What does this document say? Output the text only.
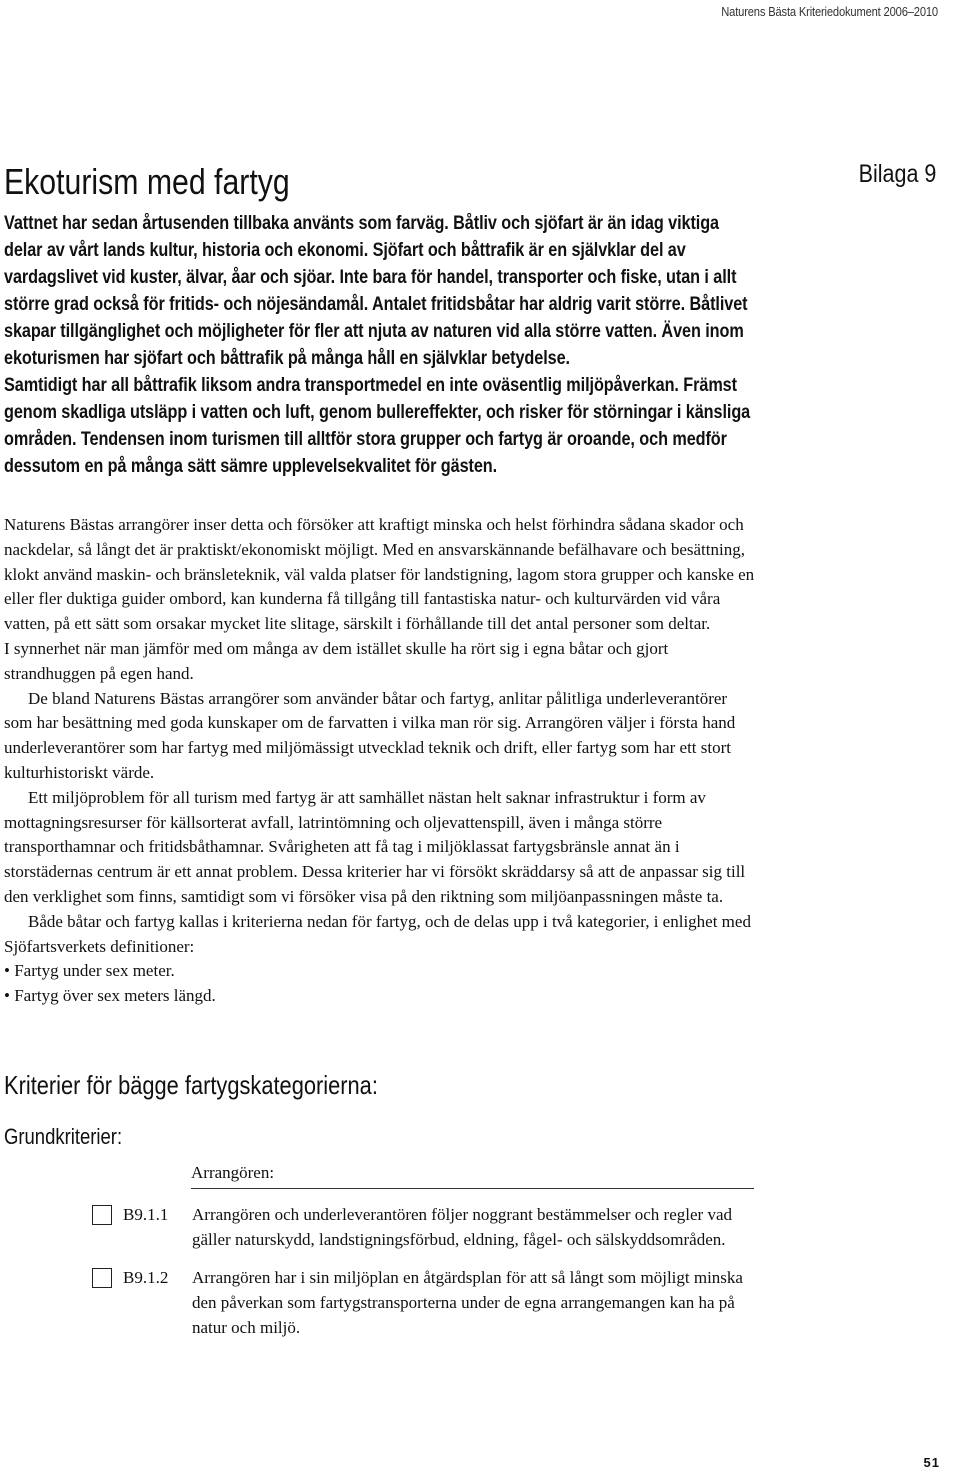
Naturens Bästa Kriteriedokument 2006–2010
Bilaga 9
Ekoturism med fartyg

Vattnet har sedan årtusenden tillbaka använts som farväg. Båtliv och sjöfart är än idag viktiga delar av vårt lands kultur, historia och ekonomi. Sjöfart och båttrafik är en självklar del av vardagslivet vid kuster, älvar, åar och sjöar. Inte bara för handel, transporter och fiske, utan i allt större grad också för fritids- och nöjesändamål. Antalet fritidsbåtar har aldrig varit större. Båtlivet skapar tillgänglighet och möjligheter för fler att njuta av naturen vid alla större vatten. Även inom ekoturismen har sjöfart och båttrafik på många håll en självklar betydelse.

Samtidigt har all båttrafik liksom andra transportmedel en inte oväsentlig miljöpåverkan. Främst genom skadliga utsläpp i vatten och luft, genom bullereffekter, och risker för störningar i känsliga områden. Tendensen inom turismen till alltför stora grupper och fartyg är oroande, och medför dessutom en på många sätt sämre upplevelsekvalitet för gästen.

Naturens Bästas arrangörer inser detta och försöker att kraftigt minska och helst förhindra sådana skador och nackdelar, så långt det är praktiskt/ekonomiskt möjligt. Med en ansvarskännande befälhavare och besättning, klokt använd maskin- och bränsleteknik, väl valda platser för landstigning, lagom stora grupper och kanske en eller fler duktiga guider ombord, kan kunderna få tillgång till fantastiska natur- och kulturvärden vid våra vatten, på ett sätt som orsakar mycket lite slitage, särskilt i förhållande till det antal personer som deltar.

I synnerhet när man jämför med om många av dem istället skulle ha rört sig i egna båtar och gjort strandhuggen på egen hand.

De bland Naturens Bästas arrangörer som använder båtar och fartyg, anlitar pålitliga underleverantörer som har besättning med goda kunskaper om de farvatten i vilka man rör sig. Arrangören väljer i första hand underleverantörer som har fartyg med miljömässigt utvecklad teknik och drift, eller fartyg som har ett stort kulturhistoriskt värde.

Ett miljöproblem för all turism med fartyg är att samhället nästan helt saknar infrastruktur i form av mottagningsresurser för källsorterat avfall, latrintömning och oljevattenspill, även i många större transporthamnar och fritidsbåthamnar. Svårigheten att få tag i miljöklassat fartygsbränsle annat än i storstädernas centrum är ett annat problem. Dessa kriterier har vi försökt skräddarsy så att de anpassar sig till den verklighet som finns, samtidigt som vi försöker visa på den riktning som miljöanpassningen måste ta.

Både båtar och fartyg kallas i kriterierna nedan för fartyg, och de delas upp i två kategorier, i enlighet med Sjöfartsverkets definitioner:

• Fartyg under sex meter.

• Fartyg över sex meters längd.

Kriterier för bägge fartygskategorierna:
Grundkriterier:
Arrangören:
B9.1.1	Arrangören och underleverantören följer noggrant bestämmelser och regler vad gäller naturskydd, landstigningsförbud, eldning, fågel- och sälskyddsområden.
B9.1.2	Arrangören har i sin miljöplan en åtgärdsplan för att så långt som möjligt minska den påverkan som fartygstransporterna under de egna arrangemangen kan ha på natur och miljö.
51
